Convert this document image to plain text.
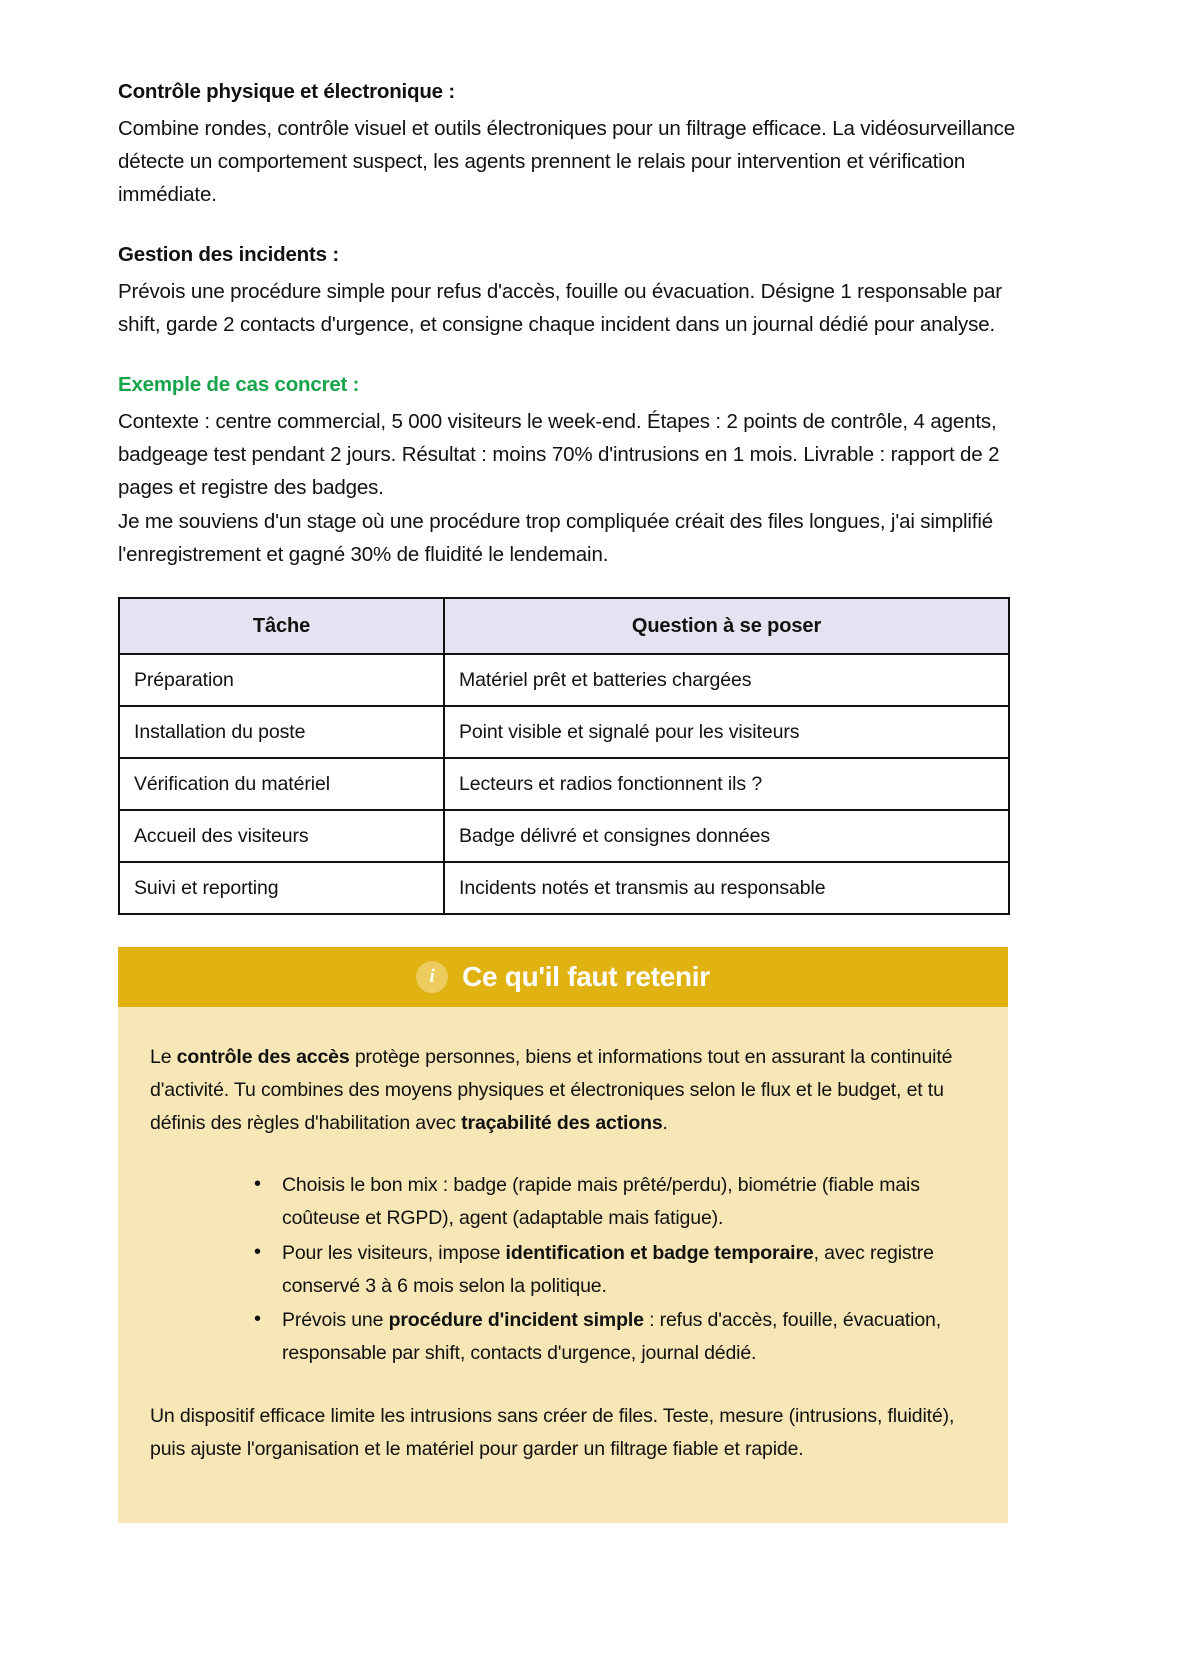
Contrôle physique et électronique :

Combine rondes, contrôle visuel et outils électroniques pour un filtrage efficace. La vidéosurveillance détecte un comportement suspect, les agents prennent le relais pour intervention et vérification immédiate.

Gestion des incidents :

Prévois une procédure simple pour refus d'accès, fouille ou évacuation. Désigne 1 responsable par shift, garde 2 contacts d'urgence, et consigne chaque incident dans un journal dédié pour analyse.

Exemple de cas concret :

Contexte : centre commercial, 5 000 visiteurs le week-end. Étapes : 2 points de contrôle, 4 agents, badgeage test pendant 2 jours. Résultat : moins 70% d'intrusions en 1 mois. Livrable : rapport de 2 pages et registre des badges.

Je me souviens d'un stage où une procédure trop compliquée créait des files longues, j'ai simplifié l'enregistrement et gagné 30% de fluidité le lendemain.

Tâche	Question à se poser
Préparation	Matériel prêt et batteries chargées
Installation du poste	Point visible et signalé pour les visiteurs
Vérification du matériel	Lecteurs et radios fonctionnent ils ?
Accueil des visiteurs	Badge délivré et consignes données
Suivi et reporting	Incidents notés et transmis au responsable
i Ce qu'il faut retenir

Le contrôle des accès protège personnes, biens et informations tout en assurant la continuité d'activité. Tu combines des moyens physiques et électroniques selon le flux et le budget, et tu définis des règles d'habilitation avec traçabilité des actions.

• Choisis le bon mix : badge (rapide mais prêté/perdu), biométrie (fiable mais coûteuse et RGPD), agent (adaptable mais fatigue).
• Pour les visiteurs, impose identification et badge temporaire, avec registre conservé 3 à 6 mois selon la politique.
• Prévois une procédure d'incident simple : refus d'accès, fouille, évacuation, responsable par shift, contacts d'urgence, journal dédié.

Un dispositif efficace limite les intrusions sans créer de files. Teste, mesure (intrusions, fluidité), puis ajuste l'organisation et le matériel pour garder un filtrage fiable et rapide.
